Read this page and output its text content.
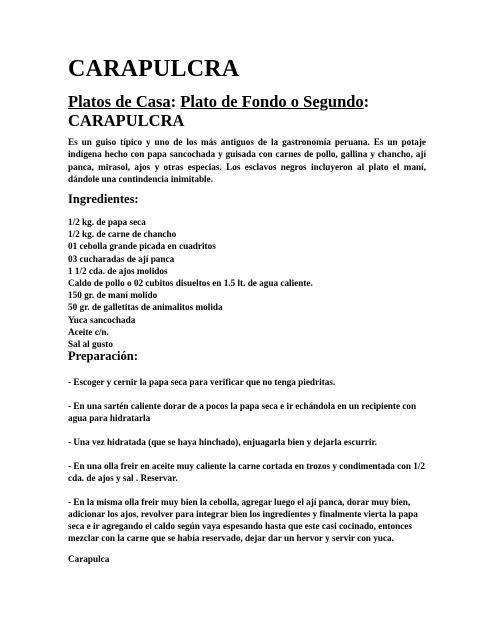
CARAPULCRA
Platos de Casa: Plato de Fondo o Segundo:
CARAPULCRA

Es un guiso típico y uno de los más antiguos de la gastronomía peruana. Es un potaje indígena hecho con papa sancochada y guisada con carnes de pollo, gallina y chancho, ají panca, mirasol, ajos y otras especias. Los esclavos negros incluyeron al plato el maní, dándole una contindencia inimitable.

Ingredientes:
1/2 kg. de papa seca
1/2 kg. de carne de chancho
01 cebolla grande picada en cuadritos
03 cucharadas de ají panca
1 1/2 cda. de ajos molidos
Caldo de pollo o 02 cubitos disueltos en 1.5 lt. de agua caliente.
150 gr. de maní molido
50 gr. de galletitas de animalitos molida
Yuca sancochada
Aceite c/n.
Sal al gusto
Preparación:
- Escoger y cernir la papa seca para verificar que no tenga piedritas.
- En una sartén caliente dorar de a pocos la papa seca e ir echándola en un recipiente con agua para hidratarla
- Una vez hidratada (que se haya hinchado), enjuagarla bien y dejarla escurrir.
- En una olla freir en aceite muy caliente la carne cortada en trozos y condimentada con 1/2 cda. de ajos y sal . Reservar.
- En la misma olla freir muy bien la cebolla, agregar luego el ají panca, dorar muy bien, adicionar los ajos, revolver para integrar bien los ingredientes y finalmente vierta la papa seca e ir agregando el caldo según vaya espesando hasta que este casi cocinado, entonces mezclar con la carne que se había reservado, dejar dar un hervor y servir con yuca.

Carapulca
